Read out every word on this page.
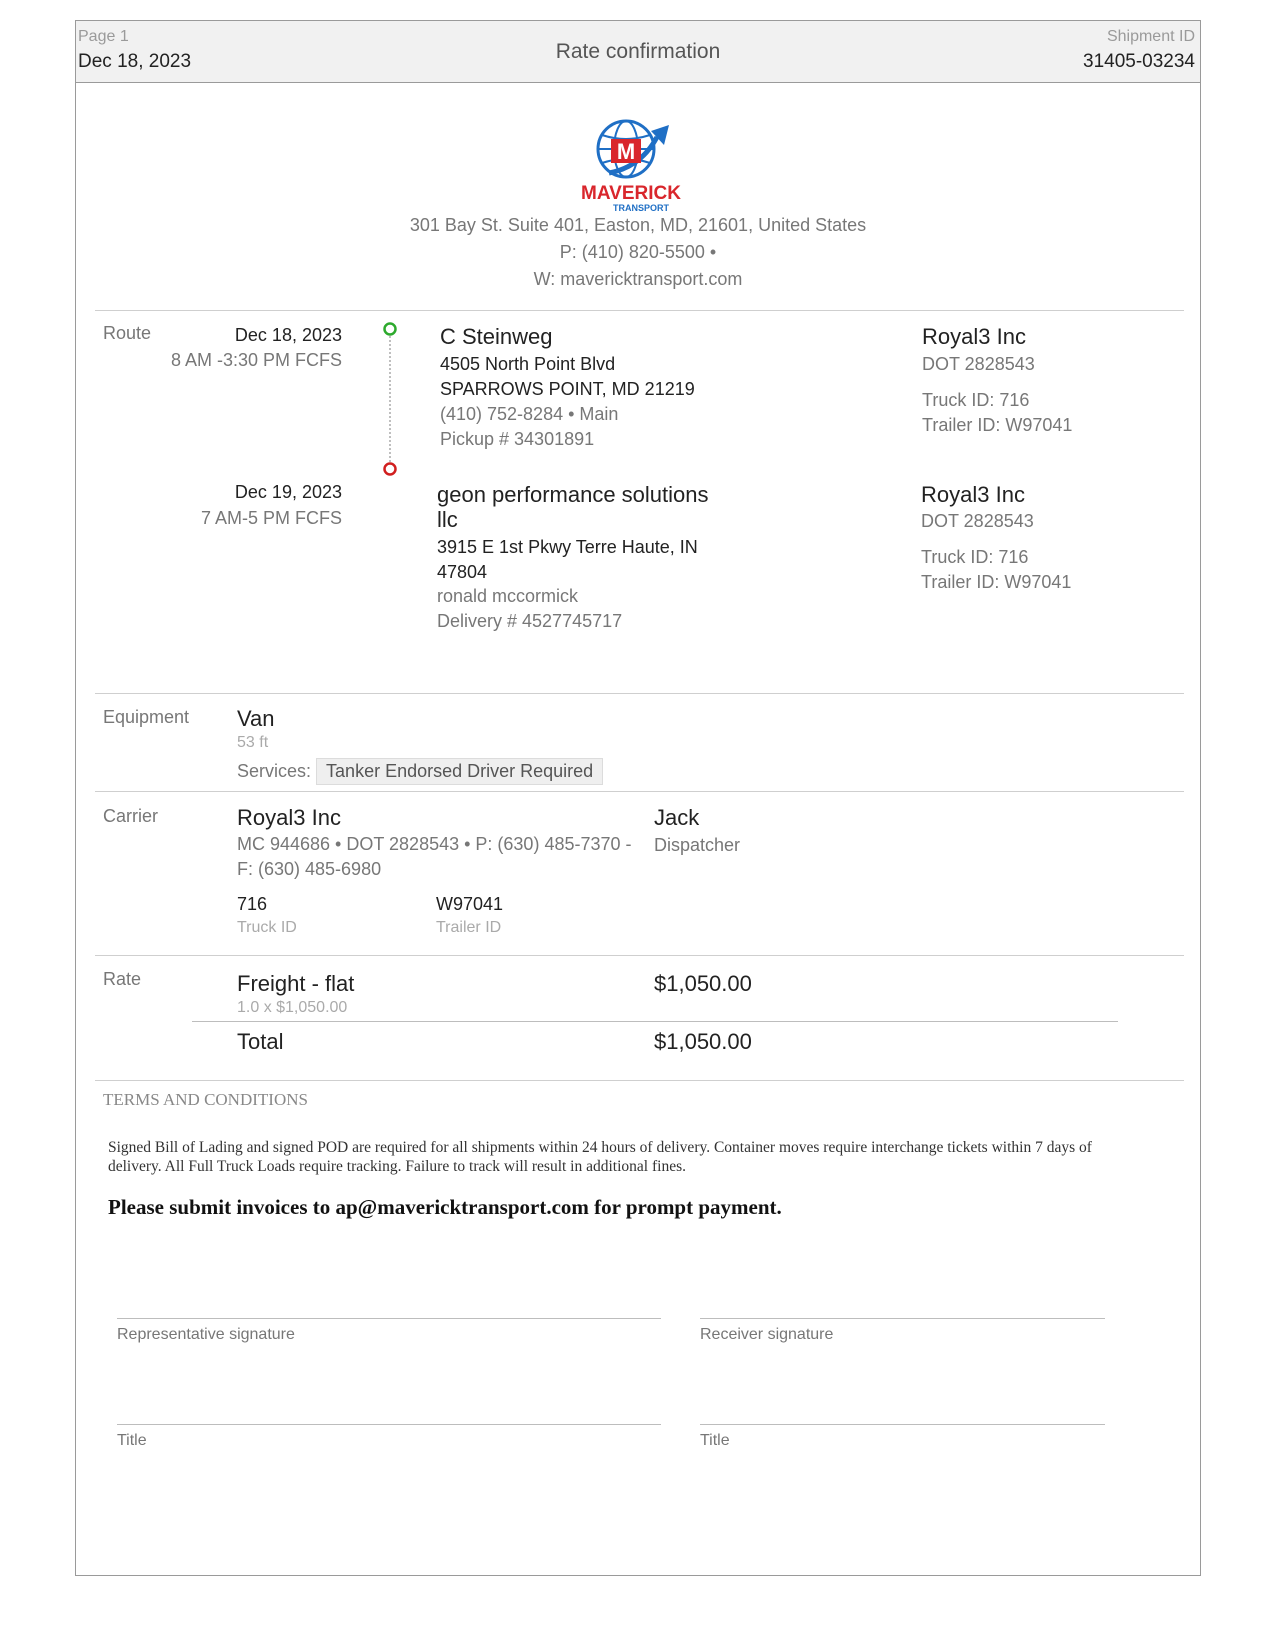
Page 1
Dec 18, 2023	Rate confirmation
Shipment ID
31405-03234
M
MAVERICK
TRANSPORT
301 Bay St. Suite 401, Easton, MD, 21601, United States
P: (410) 820-5500 •
W: mavericktransport.com
Route	Dec 18, 2023
8 AM -3:30 PM FCFS
C Steinweg
4505 North Point Blvd
SPARROWS POINT, MD 21219
(410) 752-8284 • Main
Pickup # 34301891
Royal3 Inc
DOT 2828543
Truck ID: 716
Trailer ID: W97041
Dec 19, 2023
7 AM-5 PM FCFS
geon performance solutions llc
3915 E 1st Pkwy Terre Haute, IN 47804
ronald mccormick
Delivery # 4527745717
Royal3 Inc
DOT 2828543
Truck ID: 716
Trailer ID: W97041
Equipment Van
53 ft
Services: Tanker Endorsed Driver Required
Carrier	Royal3 Inc
MC 944686 • DOT 2828543 • P: (630) 485-7370 - F: (630) 485-6980
716
Truck ID
W97041
Trailer ID
Jack
Dispatcher
Rate	Freight - flat
1.0 x $1,050.00
$1,050.00
Total	$1,050.00
TERMS AND CONDITIONS
Signed Bill of Lading and signed POD are required for all shipments within 24 hours of delivery. Container moves require interchange tickets within 7 days of delivery. All Full Truck Loads require tracking. Failure to track will result in additional fines.
Please submit invoices to ap@mavericktransport.com for prompt payment.
Representative signature	Receiver signature
Title	Title
